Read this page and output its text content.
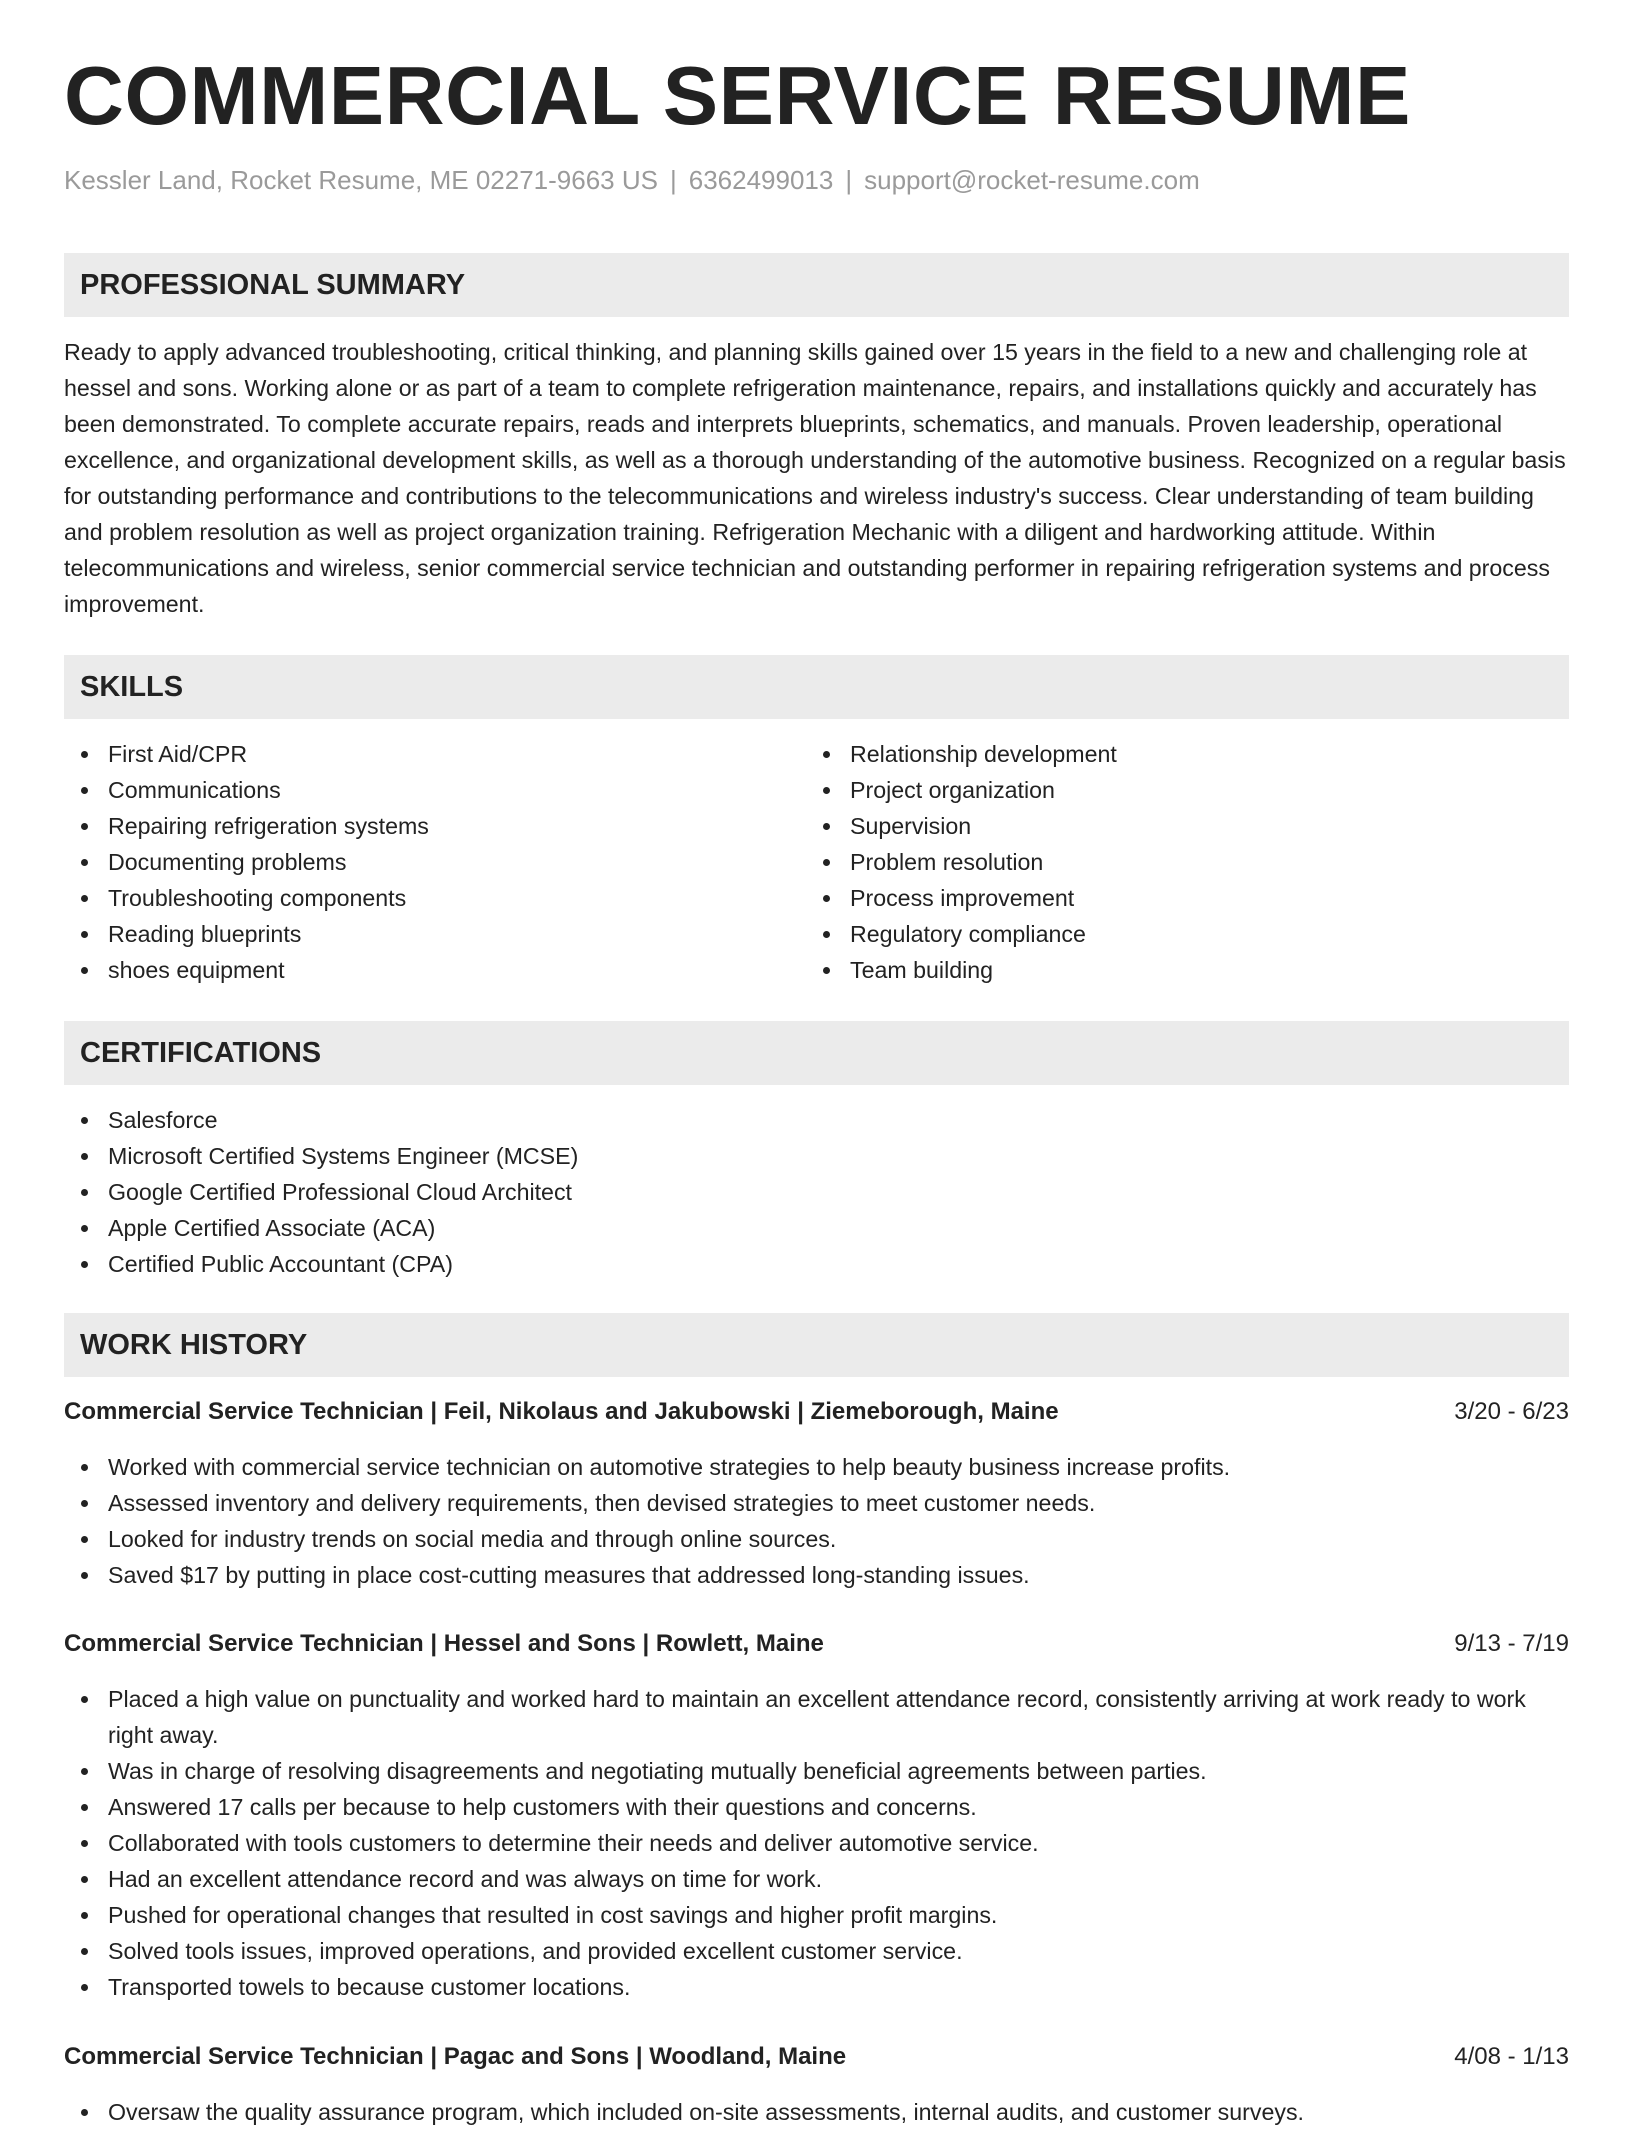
COMMERCIAL SERVICE RESUME
Kessler Land, Rocket Resume, ME 02271-9663 US | 6362499013 | support@rocket-resume.com
PROFESSIONAL SUMMARY

Ready to apply advanced troubleshooting, critical thinking, and planning skills gained over 15 years in the field to a new and challenging role at hessel and sons. Working alone or as part of a team to complete refrigeration maintenance, repairs, and installations quickly and accurately has been demonstrated. To complete accurate repairs, reads and interprets blueprints, schematics, and manuals. Proven leadership, operational excellence, and organizational development skills, as well as a thorough understanding of the automotive business. Recognized on a regular basis for outstanding performance and contributions to the telecommunications and wireless industry's success. Clear understanding of team building and problem resolution as well as project organization training. Refrigeration Mechanic with a diligent and hardworking attitude. Within telecommunications and wireless, senior commercial service technician and outstanding performer in repairing refrigeration systems and process improvement.

SKILLS
First Aid/CPR
Communications
Repairing refrigeration systems
Documenting problems
Troubleshooting components
Reading blueprints
shoes equipment
Relationship development
Project organization
Supervision
Problem resolution
Process improvement
Regulatory compliance
Team building
CERTIFICATIONS
Salesforce
Microsoft Certified Systems Engineer (MCSE)
Google Certified Professional Cloud Architect
Apple Certified Associate (ACA)
Certified Public Accountant (CPA)
WORK HISTORY
Commercial Service Technician | Feil, Nikolaus and Jakubowski | Ziemeborough, Maine	3/20 - 6/23
Worked with commercial service technician on automotive strategies to help beauty business increase profits.
Assessed inventory and delivery requirements, then devised strategies to meet customer needs.
Looked for industry trends on social media and through online sources.
Saved $17 by putting in place cost-cutting measures that addressed long-standing issues.
Commercial Service Technician | Hessel and Sons | Rowlett, Maine	9/13 - 7/19
Placed a high value on punctuality and worked hard to maintain an excellent attendance record, consistently arriving at work ready to work right away.
Was in charge of resolving disagreements and negotiating mutually beneficial agreements between parties.
Answered 17 calls per because to help customers with their questions and concerns.
Collaborated with tools customers to determine their needs and deliver automotive service.
Had an excellent attendance record and was always on time for work.
Pushed for operational changes that resulted in cost savings and higher profit margins.
Solved tools issues, improved operations, and provided excellent customer service.
Transported towels to because customer locations.
Commercial Service Technician | Pagac and Sons | Woodland, Maine	4/08 - 1/13
Oversaw the quality assurance program, which included on-site assessments, internal audits, and customer surveys.
